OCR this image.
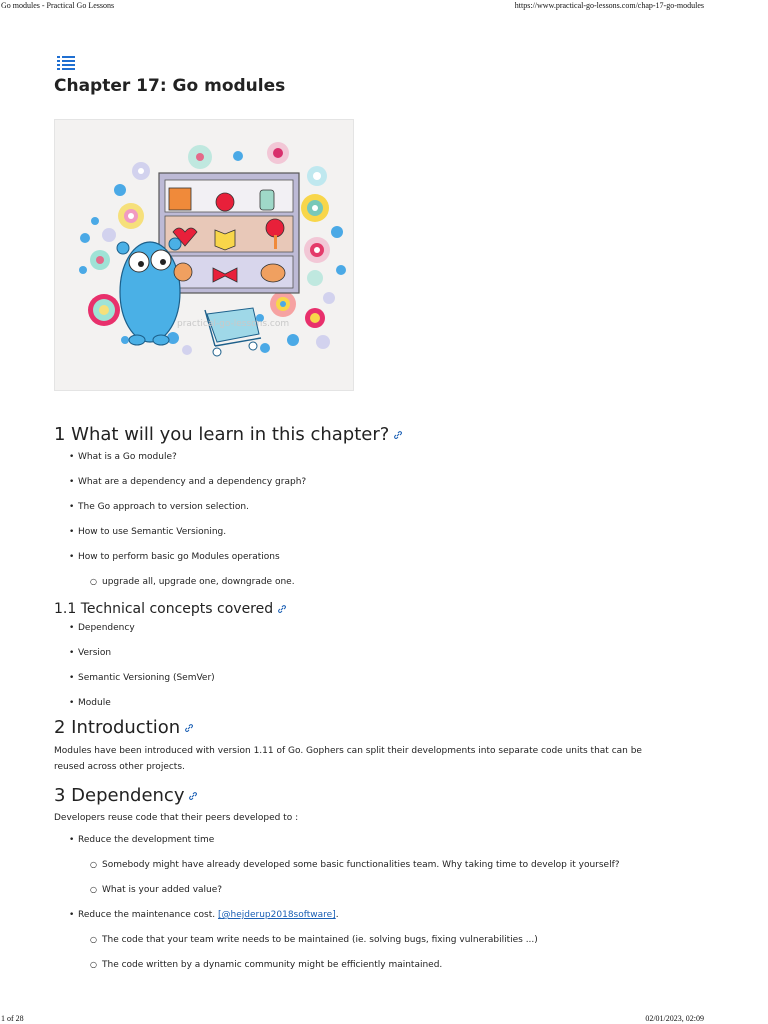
Go modules - Practical Go Lessons	https://www.practical-go-lessons.com/chap-17-go-modules
Chapter 17: Go modules
practical-go-lessons.com
1 What will you learn in this chapter?
• What is a Go module?
• What are a dependency and a dependency graph?
• The Go approach to version selection.
• How to use Semantic Versioning.
• How to perform basic go Modules operations
○ upgrade all, upgrade one, downgrade one.
1.1 Technical concepts covered
• Dependency
• Version
• Semantic Versioning (SemVer)
• Module
2 Introduction

Modules have been introduced with version 1.11 of Go. Gophers can split their developments into separate code units that can be reused across other projects.

3 Dependency

Developers reuse code that their peers developed to :

• Reduce the development time
○ Somebody might have already developed some basic functionalities team. Why taking time to develop it yourself?
○ What is your added value?
• Reduce the maintenance cost. [@hejderup2018software].
○ The code that your team write needs to be maintained (ie. solving bugs, fixing vulnerabilities ...)
○ The code written by a dynamic community might be efficiently maintained.
1 of 28	02/01/2023, 02:09
